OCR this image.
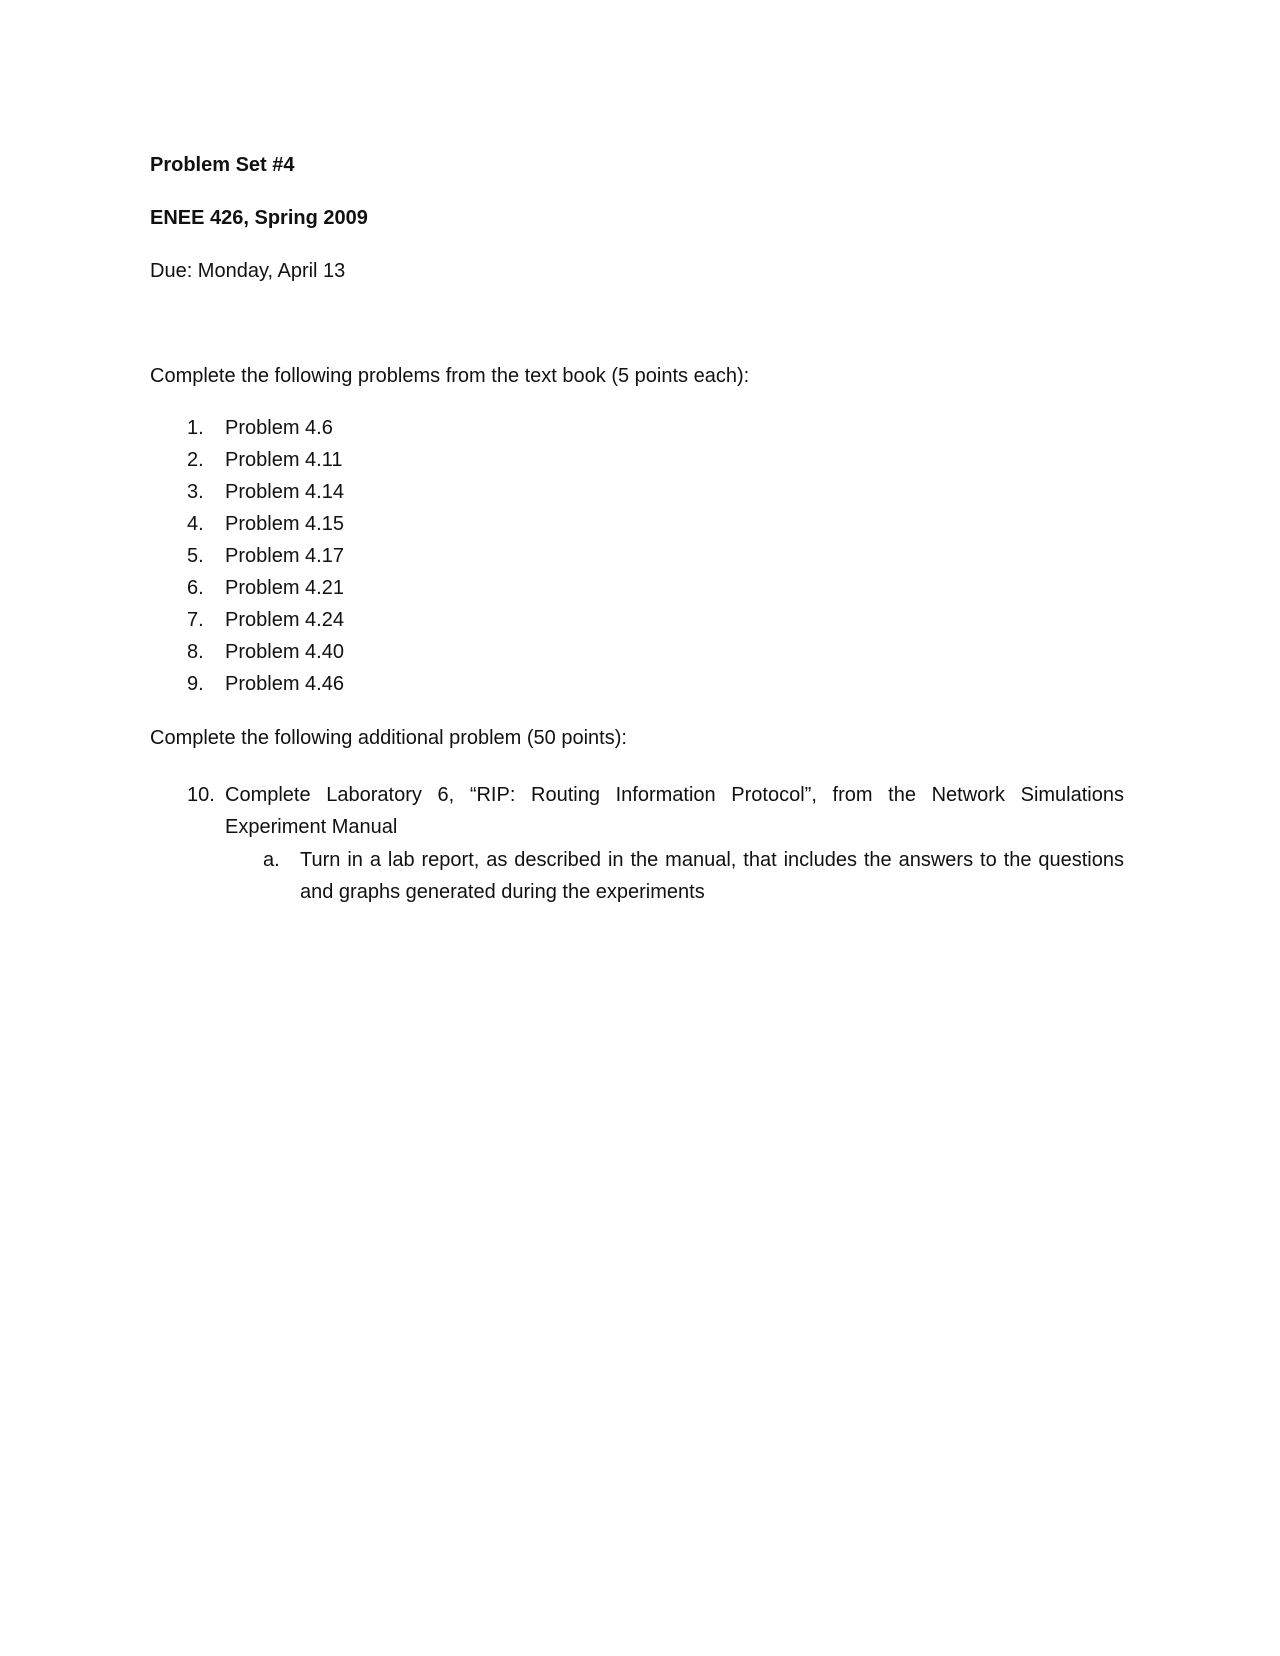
Problem Set #4
ENEE 426, Spring 2009
Due: Monday, April 13
Complete the following problems from the text book (5 points each):
1. Problem 4.6
2. Problem 4.11
3. Problem 4.14
4. Problem 4.15
5. Problem 4.17
6. Problem 4.21
7. Problem 4.24
8. Problem 4.40
9. Problem 4.46
Complete the following additional problem (50 points):
10. Complete Laboratory 6, “RIP: Routing Information Protocol”, from the Network Simulations Experiment Manual
a. Turn in a lab report, as described in the manual, that includes the answers to the questions and graphs generated during the experiments
